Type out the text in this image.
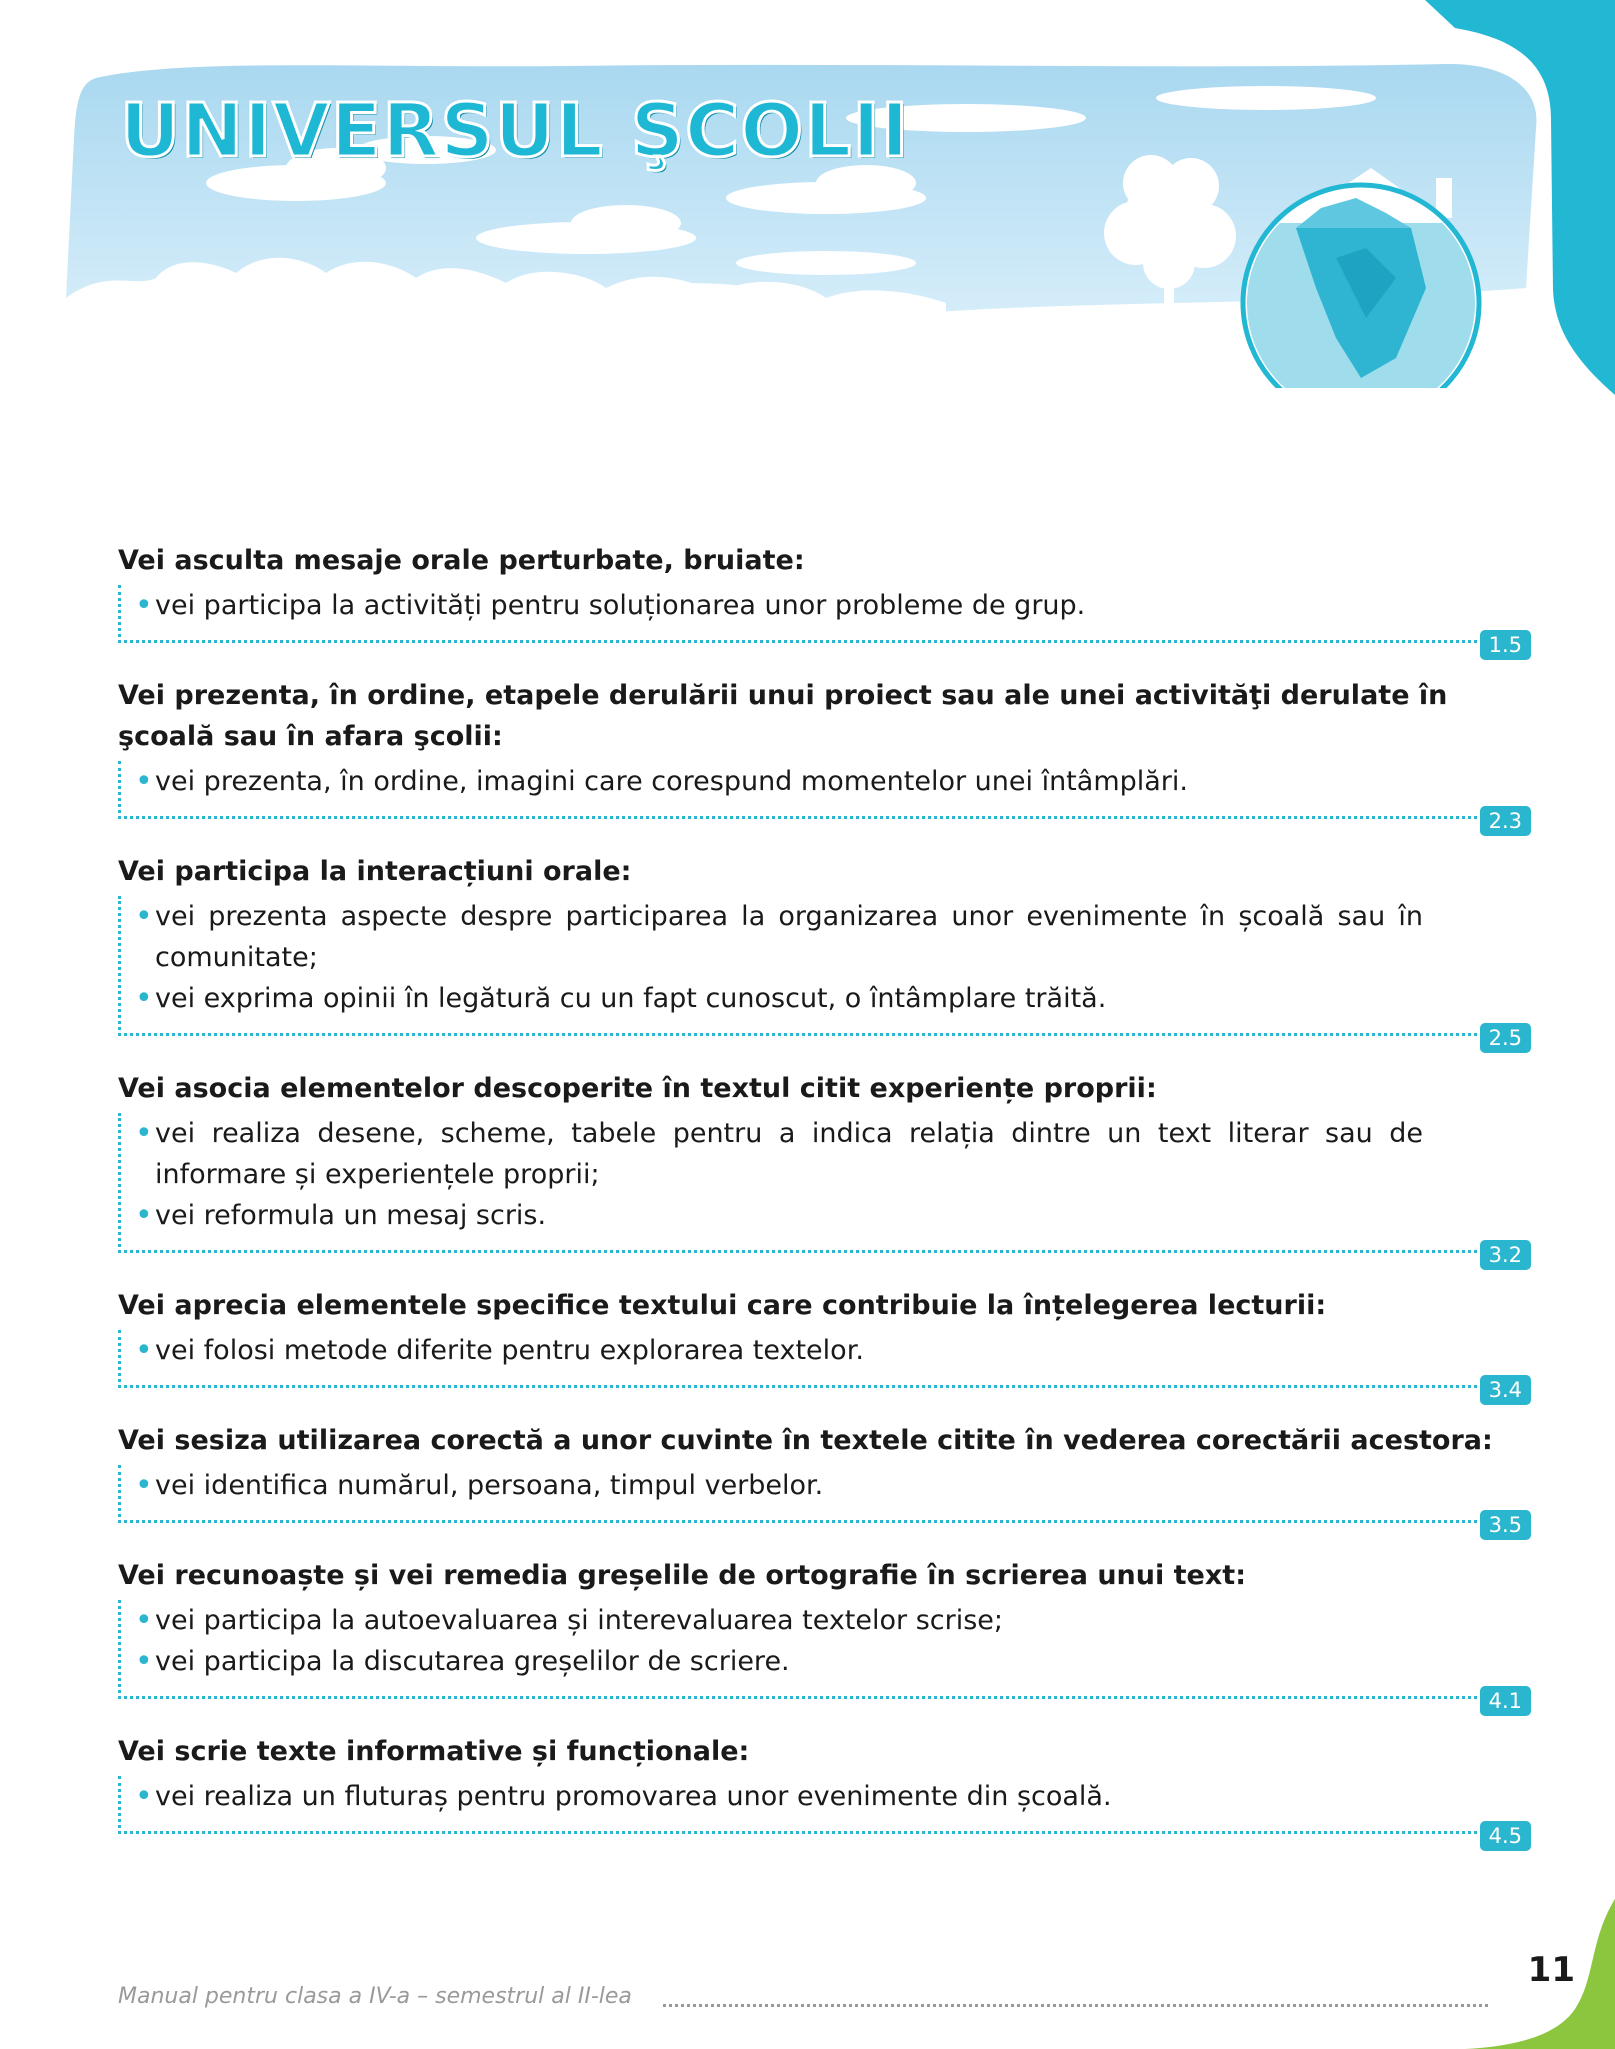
UNIVERSUL ŞCOLII

Vei asculta mesaje orale perturbate, bruiate:

• vei participa la activități pentru soluționarea unor probleme de grup.
1.5

Vei prezenta, în ordine, etapele derulării unui proiect sau ale unei activităţi derulate în şcoală sau în afara şcolii:

• vei prezenta, în ordine, imagini care corespund momentelor unei întâmplări.
2.3

Vei participa la interacțiuni orale:

• vei prezenta aspecte despre participarea la organizarea unor evenimente în școală sau în comunitate;
• vei exprima opinii în legătură cu un fapt cunoscut, o întâmplare trăită.
2.5

Vei asocia elementelor descoperite în textul citit experiențe proprii:

• vei realiza desene, scheme, tabele pentru a indica relația dintre un text literar sau de informare și experiențele proprii;
• vei reformula un mesaj scris.
3.2

Vei aprecia elementele specifice textului care contribuie la înțelegerea lecturii:

• vei folosi metode diferite pentru explorarea textelor.
3.4

Vei sesiza utilizarea corectă a unor cuvinte în textele citite în vederea corectării acestora:

• vei identifica numărul, persoana, timpul verbelor.
3.5

Vei recunoaște și vei remedia greșelile de ortografie în scrierea unui text:

• vei participa la autoevaluarea și interevaluarea textelor scrise;
• vei participa la discutarea greșelilor de scriere.
4.1

Vei scrie texte informative și funcționale:

• vei realiza un fluturaș pentru promovarea unor evenimente din școală.
4.5
Manual pentru clasa a IV-a – semestrul al II-lea
11
